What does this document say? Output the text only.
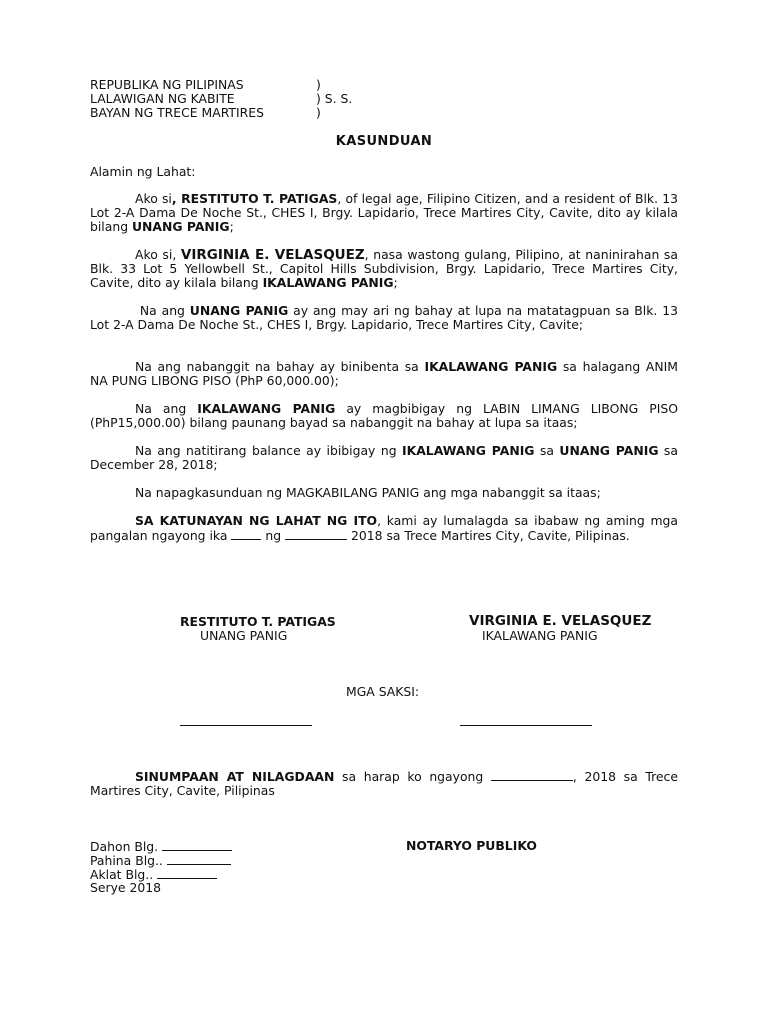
REPUBLIKA NG PILIPINAS	)
LALAWIGAN NG KABITE	) S. S.
BAYAN NG TRECE MARTIRES	)
KASUNDUAN
Alamin ng Lahat:
Ako si, RESTITUTO T. PATIGAS, of legal age, Filipino Citizen, and a resident of Blk. 13 Lot 2-A Dama De Noche St., CHES I, Brgy. Lapidario, Trece Martires City, Cavite, dito ay kilala bilang UNANG PANIG;
Ako si, VIRGINIA E. VELASQUEZ, nasa wastong gulang, Pilipino, at naninirahan sa Blk. 33 Lot 5 Yellowbell St., Capitol Hills Subdivision, Brgy. Lapidario, Trece Martires City, Cavite, dito ay kilala bilang IKALAWANG PANIG;
Na ang UNANG PANIG ay ang may ari ng bahay at lupa na matatagpuan sa Blk. 13 Lot 2-A Dama De Noche St., CHES I, Brgy. Lapidario, Trece Martires City, Cavite;
Na ang nabanggit na bahay ay binibenta sa IKALAWANG PANIG sa halagang ANIM NA PUNG LIBONG PISO (PhP 60,000.00);
Na ang IKALAWANG PANIG ay magbibigay ng LABIN LIMANG LIBONG PISO (PhP15,000.00) bilang paunang bayad sa nabanggit na bahay at lupa sa itaas;
Na ang natitirang balance ay ibibigay ng IKALAWANG PANIG sa UNANG PANIG sa December 28, 2018;
Na napagkasunduan ng MAGKABILANG PANIG ang mga nabanggit sa itaas;
SA KATUNAYAN NG LAHAT NG ITO, kami ay lumalagda sa ibabaw ng aming mga pangalan ngayong ika  ng	2018 sa Trece Martires City, Cavite, Pilipinas.
RESTITUTO T. PATIGAS
UNANG PANIG
VIRGINIA E. VELASQUEZ
IKALAWANG PANIG
MGA SAKSI:
SINUMPAAN AT NILAGDAAN sa harap ko ngayong	, 2018 sa Trece Martires City, Cavite, Pilipinas
Dahon Blg.
Pahina Blg..
Aklat Blg..
Serye 2018
NOTARYO PUBLIKO
